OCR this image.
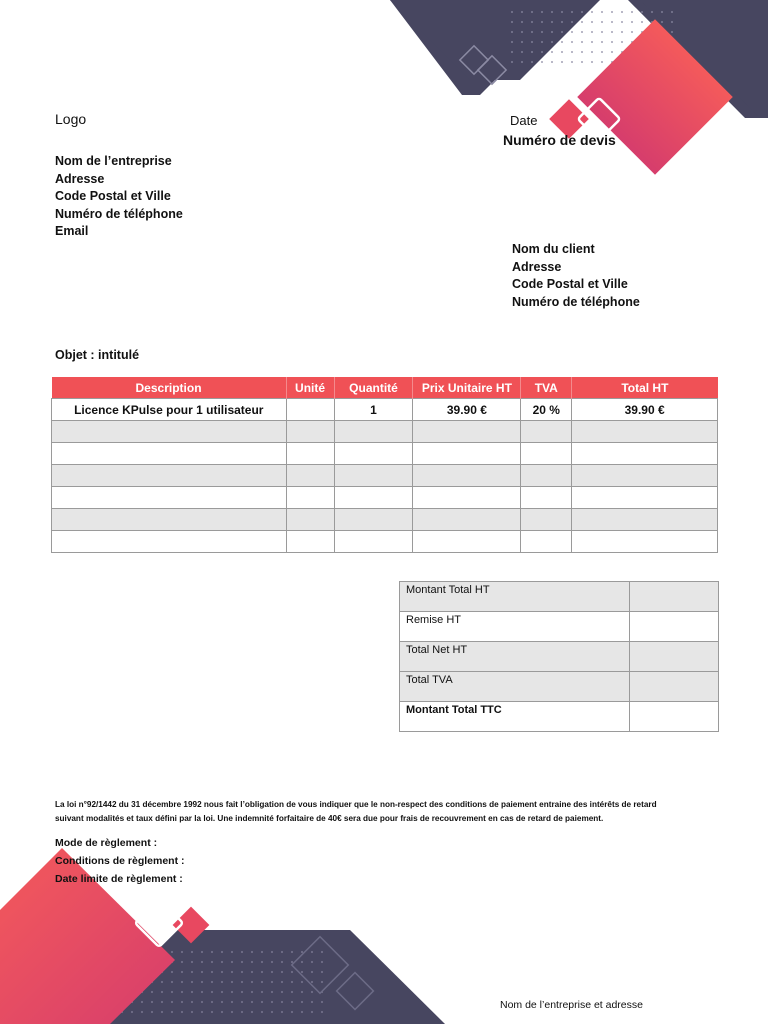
Logo	Date
Numéro de devis
Nom de l’entreprise
Adresse
Code Postal et Ville
Numéro de téléphone
Email
Nom du client
Adresse
Code Postal et Ville
Numéro de téléphone
Objet : intitulé
Description	Unité	Quantité	Prix Unitaire HT	TVA	Total HT
Licence KPulse pour 1 utilisateur		1	39.90 €	20 %	39.90 €

Montant Total HT	
Remise HT	
Total Net HT	
Total TVA	
Montant Total TTC	
La loi n°92/1442 du 31 décembre 1992 nous fait l’obligation de vous indiquer que le non-respect des conditions de paiement entraine des intérêts de retard suivant modalités et taux défini par la loi. Une indemnité forfaitaire de 40€ sera due pour frais de recouvrement en cas de retard de paiement.
Mode de règlement :
Conditions de règlement :
Date limite de règlement :
Nom de l’entreprise et adresse
